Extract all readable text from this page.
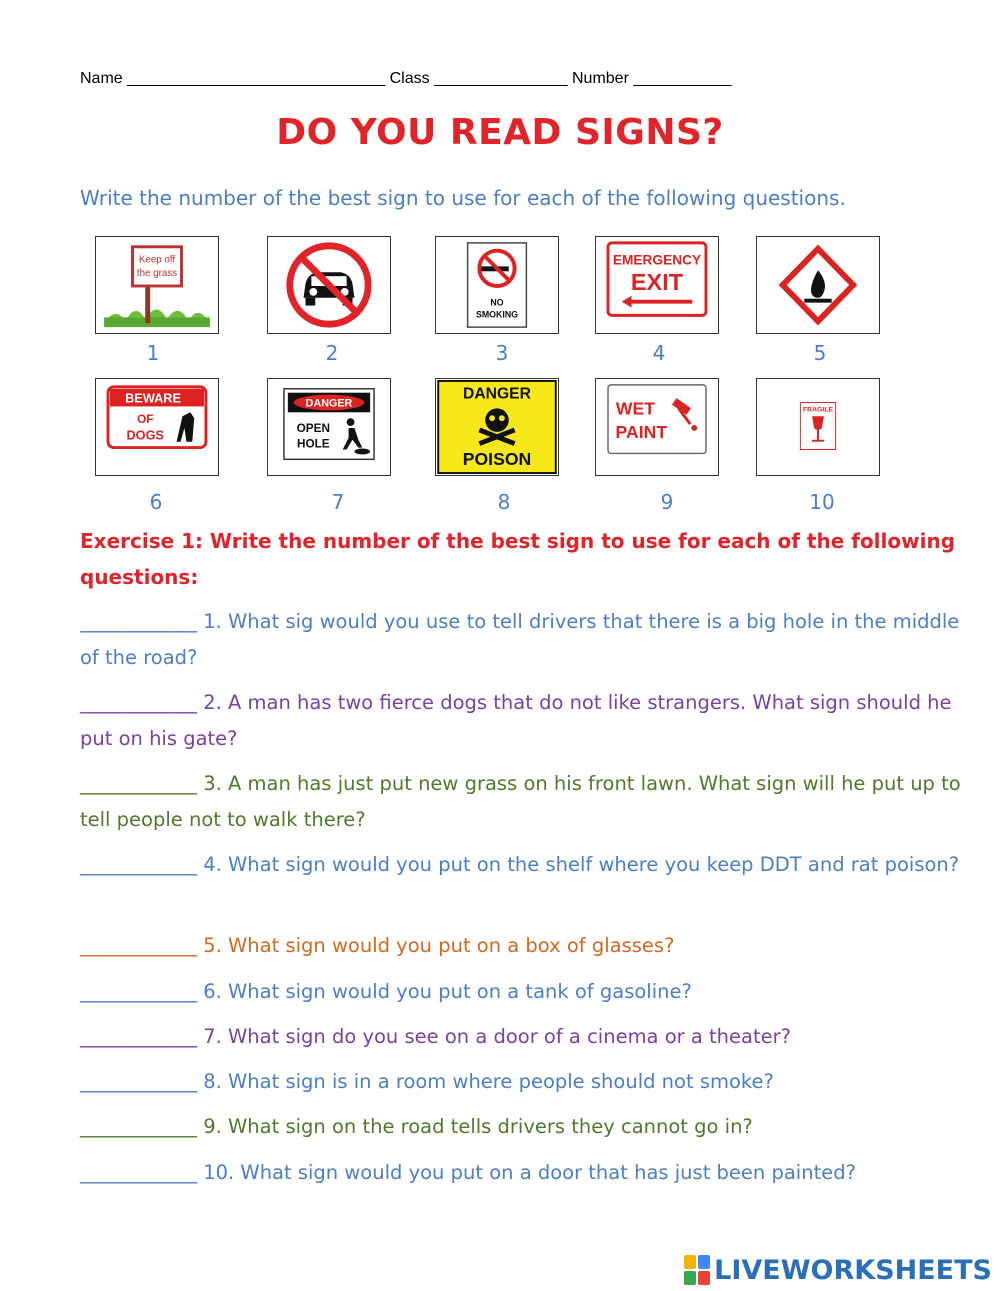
Name _____________________________ Class _______________ Number ___________
DO YOU READ SIGNS?
Write the number of the best sign to use for each of the following questions.
Keep off
the grass
NO
SMOKING
EMERGENCY
EXIT
1	2	3	4	5
BEWARE
OF
DOGS
DANGER
OPEN
HOLE
DANGER
POISON
WET
PAINT
FRAGILE
6	7	8	9	10
Exercise 1: Write the number of the best sign to use for each of the following questions:
____________ 1. What sig would you use to tell drivers that there is a big hole in the middle of the road?
____________ 2. A man has two fierce dogs that do not like strangers. What sign should he put on his gate?
____________ 3. A man has just put new grass on his front lawn. What sign will he put up to tell people not to walk there?
____________ 4. What sign would you put on the shelf where you keep DDT and rat poison?
____________ 5. What sign would you put on a box of glasses?
____________ 6. What sign would you put on a tank of gasoline?
____________ 7. What sign do you see on a door of a cinema or a theater?
____________ 8. What sign is in a room where people should not smoke?
____________ 9. What sign on the road tells drivers they cannot go in?
____________ 10. What sign would you put on a door that has just been painted?
LIVEWORKSHEETS
